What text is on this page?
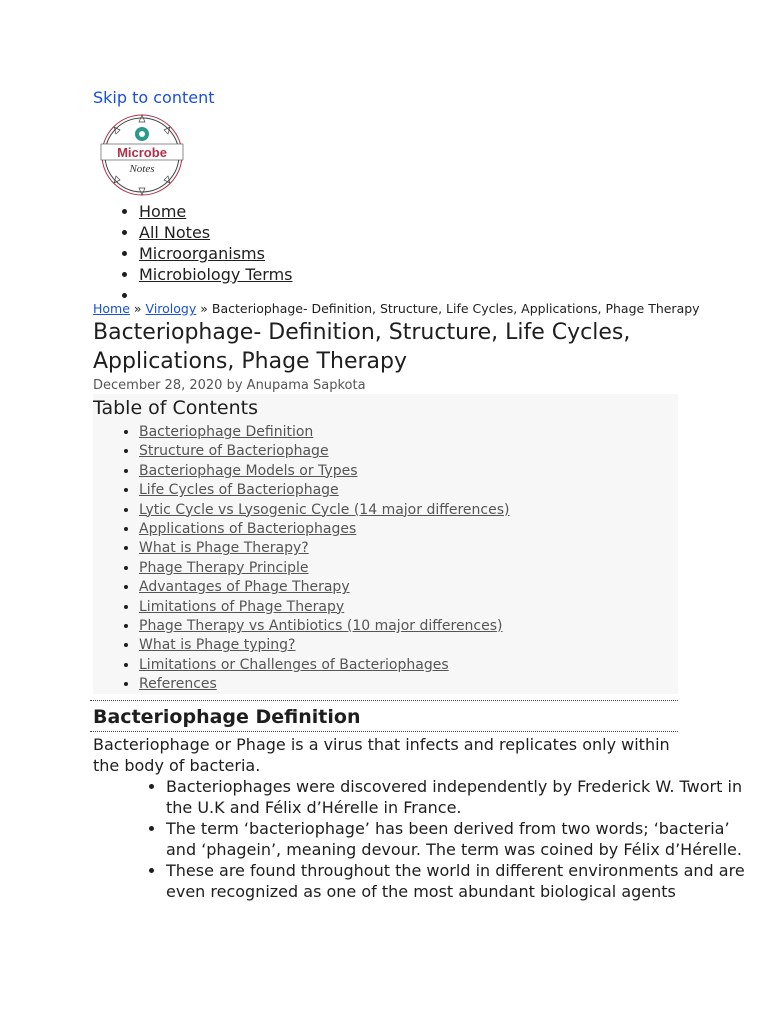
Skip to content
Microbe
Notes
• Home
• All Notes
• Microorganisms
• Microbiology Terms
•
Home » Virology » Bacteriophage- Definition, Structure, Life Cycles, Applications, Phage Therapy
Bacteriophage- Definition, Structure, Life Cycles, Applications, Phage Therapy
December 28, 2020 by Anupama Sapkota
Table of Contents
• Bacteriophage Definition
• Structure of Bacteriophage
• Bacteriophage Models or Types
• Life Cycles of Bacteriophage
• Lytic Cycle vs Lysogenic Cycle (14 major differences)
• Applications of Bacteriophages
• What is Phage Therapy?
• Phage Therapy Principle
• Advantages of Phage Therapy
• Limitations of Phage Therapy
• Phage Therapy vs Antibiotics (10 major differences)
• What is Phage typing?
• Limitations or Challenges of Bacteriophages
• References
Bacteriophage Definition

Bacteriophage or Phage is a virus that infects and replicates only within the body of bacteria.

• Bacteriophages were discovered independently by Frederick W. Twort in the U.K and Félix d’Hérelle in France.
• The term ‘bacteriophage’ has been derived from two words; ‘bacteria’ and ‘phagein’, meaning devour. The term was coined by Félix d’Hérelle.
• These are found throughout the world in different environments and are even recognized as one of the most abundant biological agents
